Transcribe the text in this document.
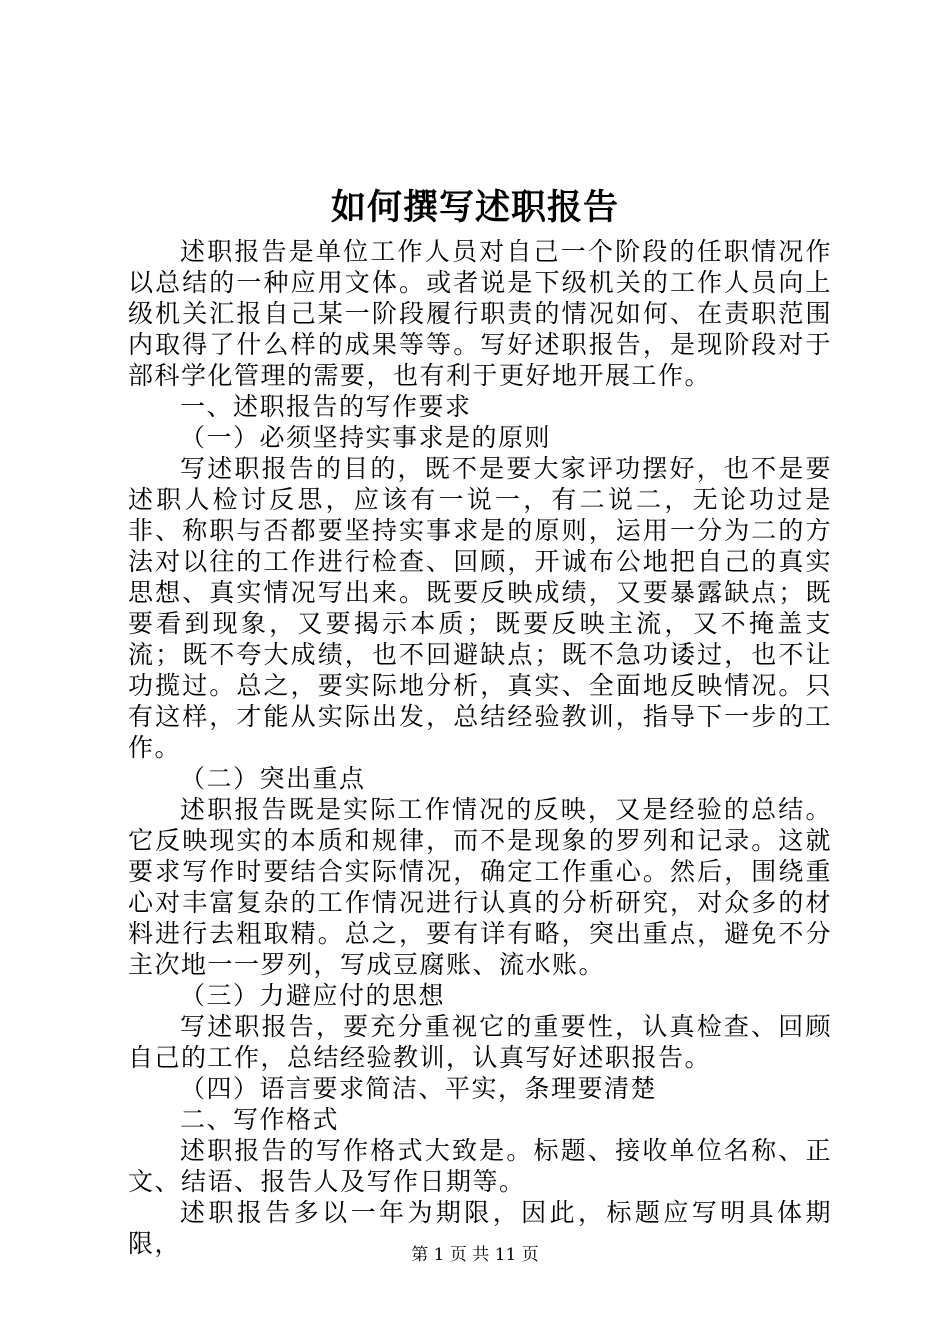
如何撰写述职报告

述职报告是单位工作人员对自己一个阶段的任职情况作以总结的一种应用文体。或者说是下级机关的工作人员向上级机关汇报自己某一阶段履行职责的情况如何、在责职范围内取得了什么样的成果等等。写好述职报告，是现阶段对于部科学化管理的需要，也有利于更好地开展工作。

一、述职报告的写作要求
（一）必须坚持实事求是的原则

写述职报告的目的，既不是要大家评功摆好，也不是要述职人检讨反思，应该有一说一，有二说二，无论功过是非、称职与否都要坚持实事求是的原则，运用一分为二的方法对以往的工作进行检查、回顾，开诚布公地把自己的真实思想、真实情况写出来。既要反映成绩，又要暴露缺点；既要看到现象，又要揭示本质；既要反映主流，又不掩盖支流；既不夸大成绩，也不回避缺点；既不急功诿过，也不让功揽过。总之，要实际地分析，真实、全面地反映情况。只有这样，才能从实际出发，总结经验教训，指导下一步的工作。

（二）突出重点

述职报告既是实际工作情况的反映，又是经验的总结。它反映现实的本质和规律，而不是现象的罗列和记录。这就要求写作时要结合实际情况，确定工作重心。然后，围绕重心对丰富复杂的工作情况进行认真的分析研究，对众多的材料进行去粗取精。总之，要有详有略，突出重点，避免不分主次地一一罗列，写成豆腐账、流水账。

（三）力避应付的思想

写述职报告，要充分重视它的重要性，认真检查、回顾自己的工作，总结经验教训，认真写好述职报告。

（四）语言要求简洁、平实，条理要清楚
二、写作格式

述职报告的写作格式大致是。标题、接收单位名称、正文、结语、报告人及写作日期等。

述职报告多以一年为期限，因此，标题应写明具体期限，	第 1 页 共 11 页
